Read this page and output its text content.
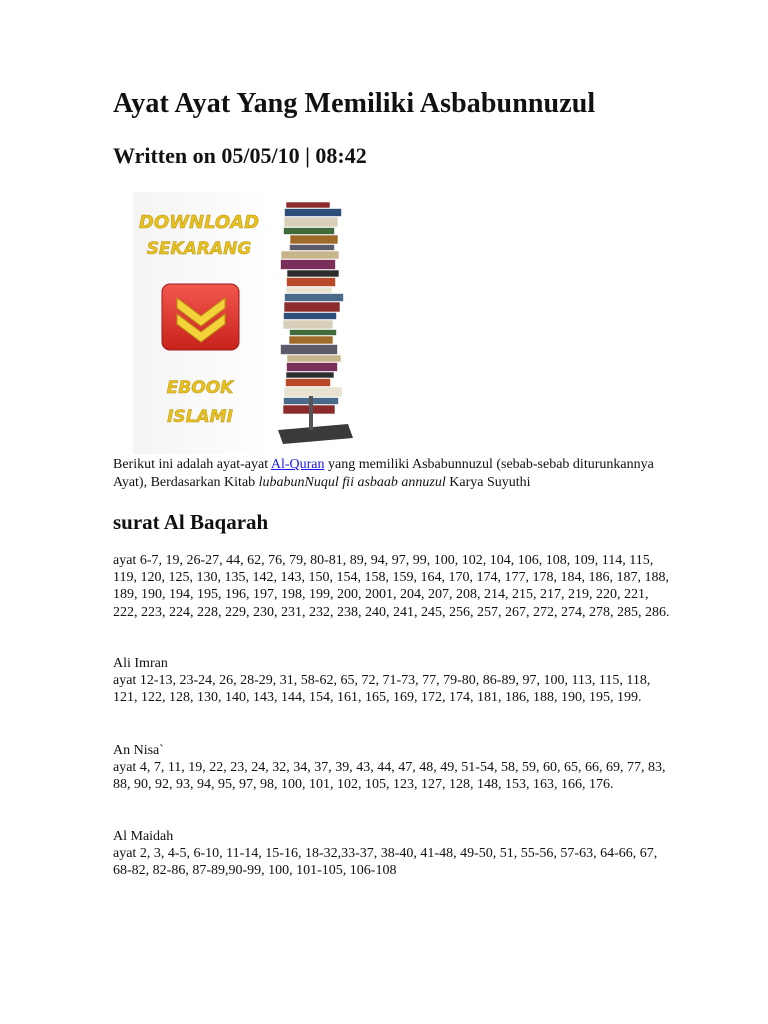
Ayat Ayat Yang Memiliki Asbabunnuzul
Written on 05/05/10 | 08:42
DOWNLOAD
SEKARANG
EBOOK
ISLAMI

Berikut ini adalah ayat-ayat Al-Quran yang memiliki Asbabunnuzul (sebab-sebab diturunkannya Ayat), Berdasarkan Kitab lubabunNuqul fii asbaab annuzul Karya Suyuthi

surat Al Baqarah

ayat 6-7, 19, 26-27, 44, 62, 76, 79, 80-81, 89, 94, 97, 99, 100, 102, 104, 106, 108, 109, 114, 115, 119, 120, 125, 130, 135, 142, 143, 150, 154, 158, 159, 164, 170, 174, 177, 178, 184, 186, 187, 188, 189, 190, 194, 195, 196, 197, 198, 199, 200, 2001, 204, 207, 208, 214, 215, 217, 219, 220, 221, 222, 223, 224, 228, 229, 230, 231, 232, 238, 240, 241, 245, 256, 257, 267, 272, 274, 278, 285, 286.

Ali Imran
ayat 12-13, 23-24, 26, 28-29, 31, 58-62, 65, 72, 71-73, 77, 79-80, 86-89, 97, 100, 113, 115, 118, 121, 122, 128, 130, 140, 143, 144, 154, 161, 165, 169, 172, 174, 181, 186, 188, 190, 195, 199.

An Nisa`
ayat 4, 7, 11, 19, 22, 23, 24, 32, 34, 37, 39, 43, 44, 47, 48, 49, 51-54, 58, 59, 60, 65, 66, 69, 77, 83, 88, 90, 92, 93, 94, 95, 97, 98, 100, 101, 102, 105, 123, 127, 128, 148, 153, 163, 166, 176.

Al Maidah
ayat 2, 3, 4-5, 6-10, 11-14, 15-16, 18-32,33-37, 38-40, 41-48, 49-50, 51, 55-56, 57-63, 64-66, 67, 68-82, 82-86, 87-89,90-99, 100, 101-105, 106-108
